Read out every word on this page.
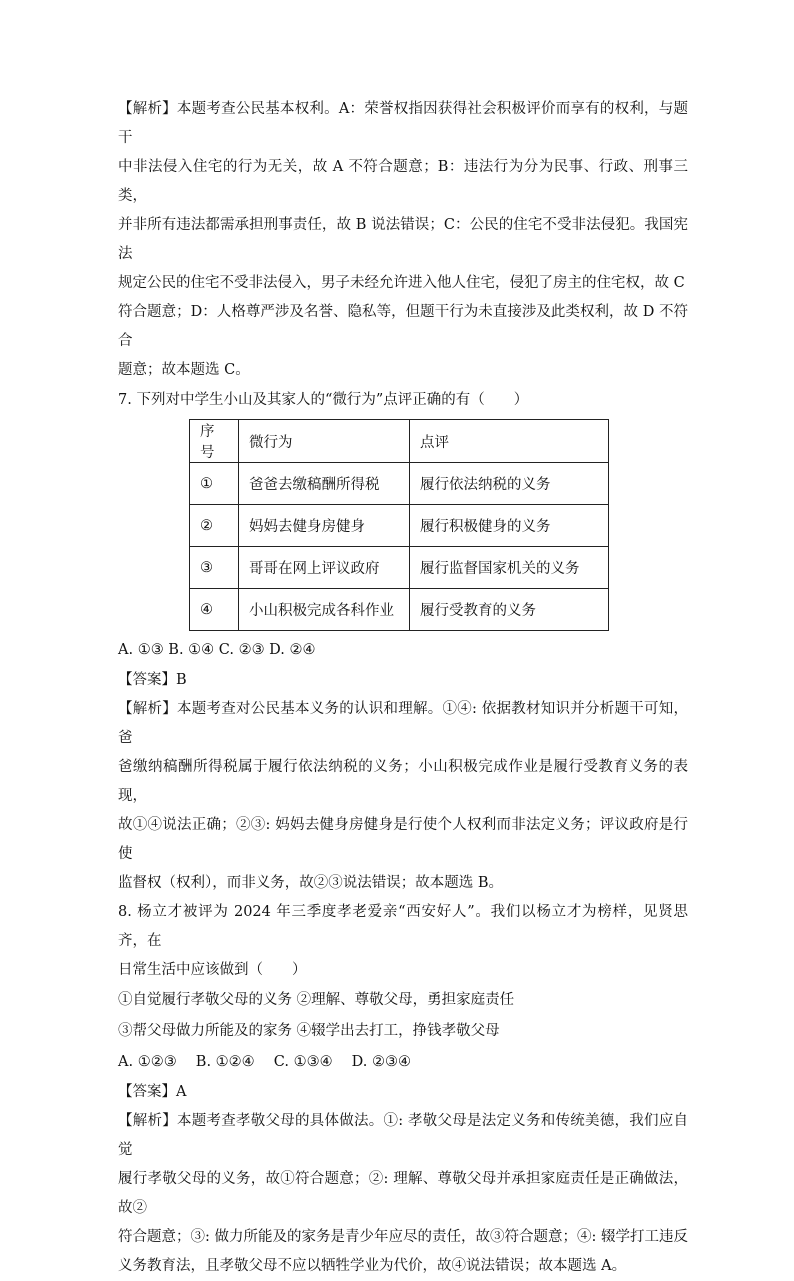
【解析】本题考查公民基本权利。A：荣誉权指因获得社会积极评价而享有的权利，与题干

中非法侵入住宅的行为无关，故 A 不符合题意；B：违法行为分为民事、行政、刑事三类，

并非所有违法都需承担刑事责任，故 B 说法错误；C：公民的住宅不受非法侵犯。我国宪法

规定公民的住宅不受非法侵入，男子未经允许进入他人住宅，侵犯了房主的住宅权，故 C

符合题意；D：人格尊严涉及名誉、隐私等，但题干行为未直接涉及此类权利，故 D 不符合

题意；故本题选 C。

7. 下列对中学生小山及其家人的“微行为”点评正确的有（　　）

序号	微行为	点评
①	爸爸去缴稿酬所得税	履行依法纳税的义务
②	妈妈去健身房健身	履行积极健身的义务
③	哥哥在网上评议政府	履行监督国家机关的义务
④	小山积极完成各科作业	履行受教育的义务

A. ①③ B. ①④ C. ②③ D. ②④

【答案】B

【解析】本题考查对公民基本义务的认识和理解。①④: 依据教材知识并分析题干可知，爸

爸缴纳稿酬所得税属于履行依法纳税的义务；小山积极完成作业是履行受教育义务的表现，

故①④说法正确；②③: 妈妈去健身房健身是行使个人权利而非法定义务；评议政府是行使

监督权（权利），而非义务，故②③说法错误；故本题选 B。

8. 杨立才被评为 2024 年三季度孝老爱亲“西安好人”。我们以杨立才为榜样，见贤思齐，在

日常生活中应该做到（　　）

①自觉履行孝敬父母的义务 ②理解、尊敬父母，勇担家庭责任

③帮父母做力所能及的家务 ④辍学出去打工，挣钱孝敬父母

A. ①②③　 B. ①②④　 C. ①③④　 D. ②③④

【答案】A

【解析】本题考查孝敬父母的具体做法。①: 孝敬父母是法定义务和传统美德，我们应自觉

履行孝敬父母的义务，故①符合题意；②: 理解、尊敬父母并承担家庭责任是正确做法，故②

符合题意；③: 做力所能及的家务是青少年应尽的责任，故③符合题意；④: 辍学打工违反

义务教育法，且孝敬父母不应以牺牲学业为代价，故④说法错误；故本题选 A。
